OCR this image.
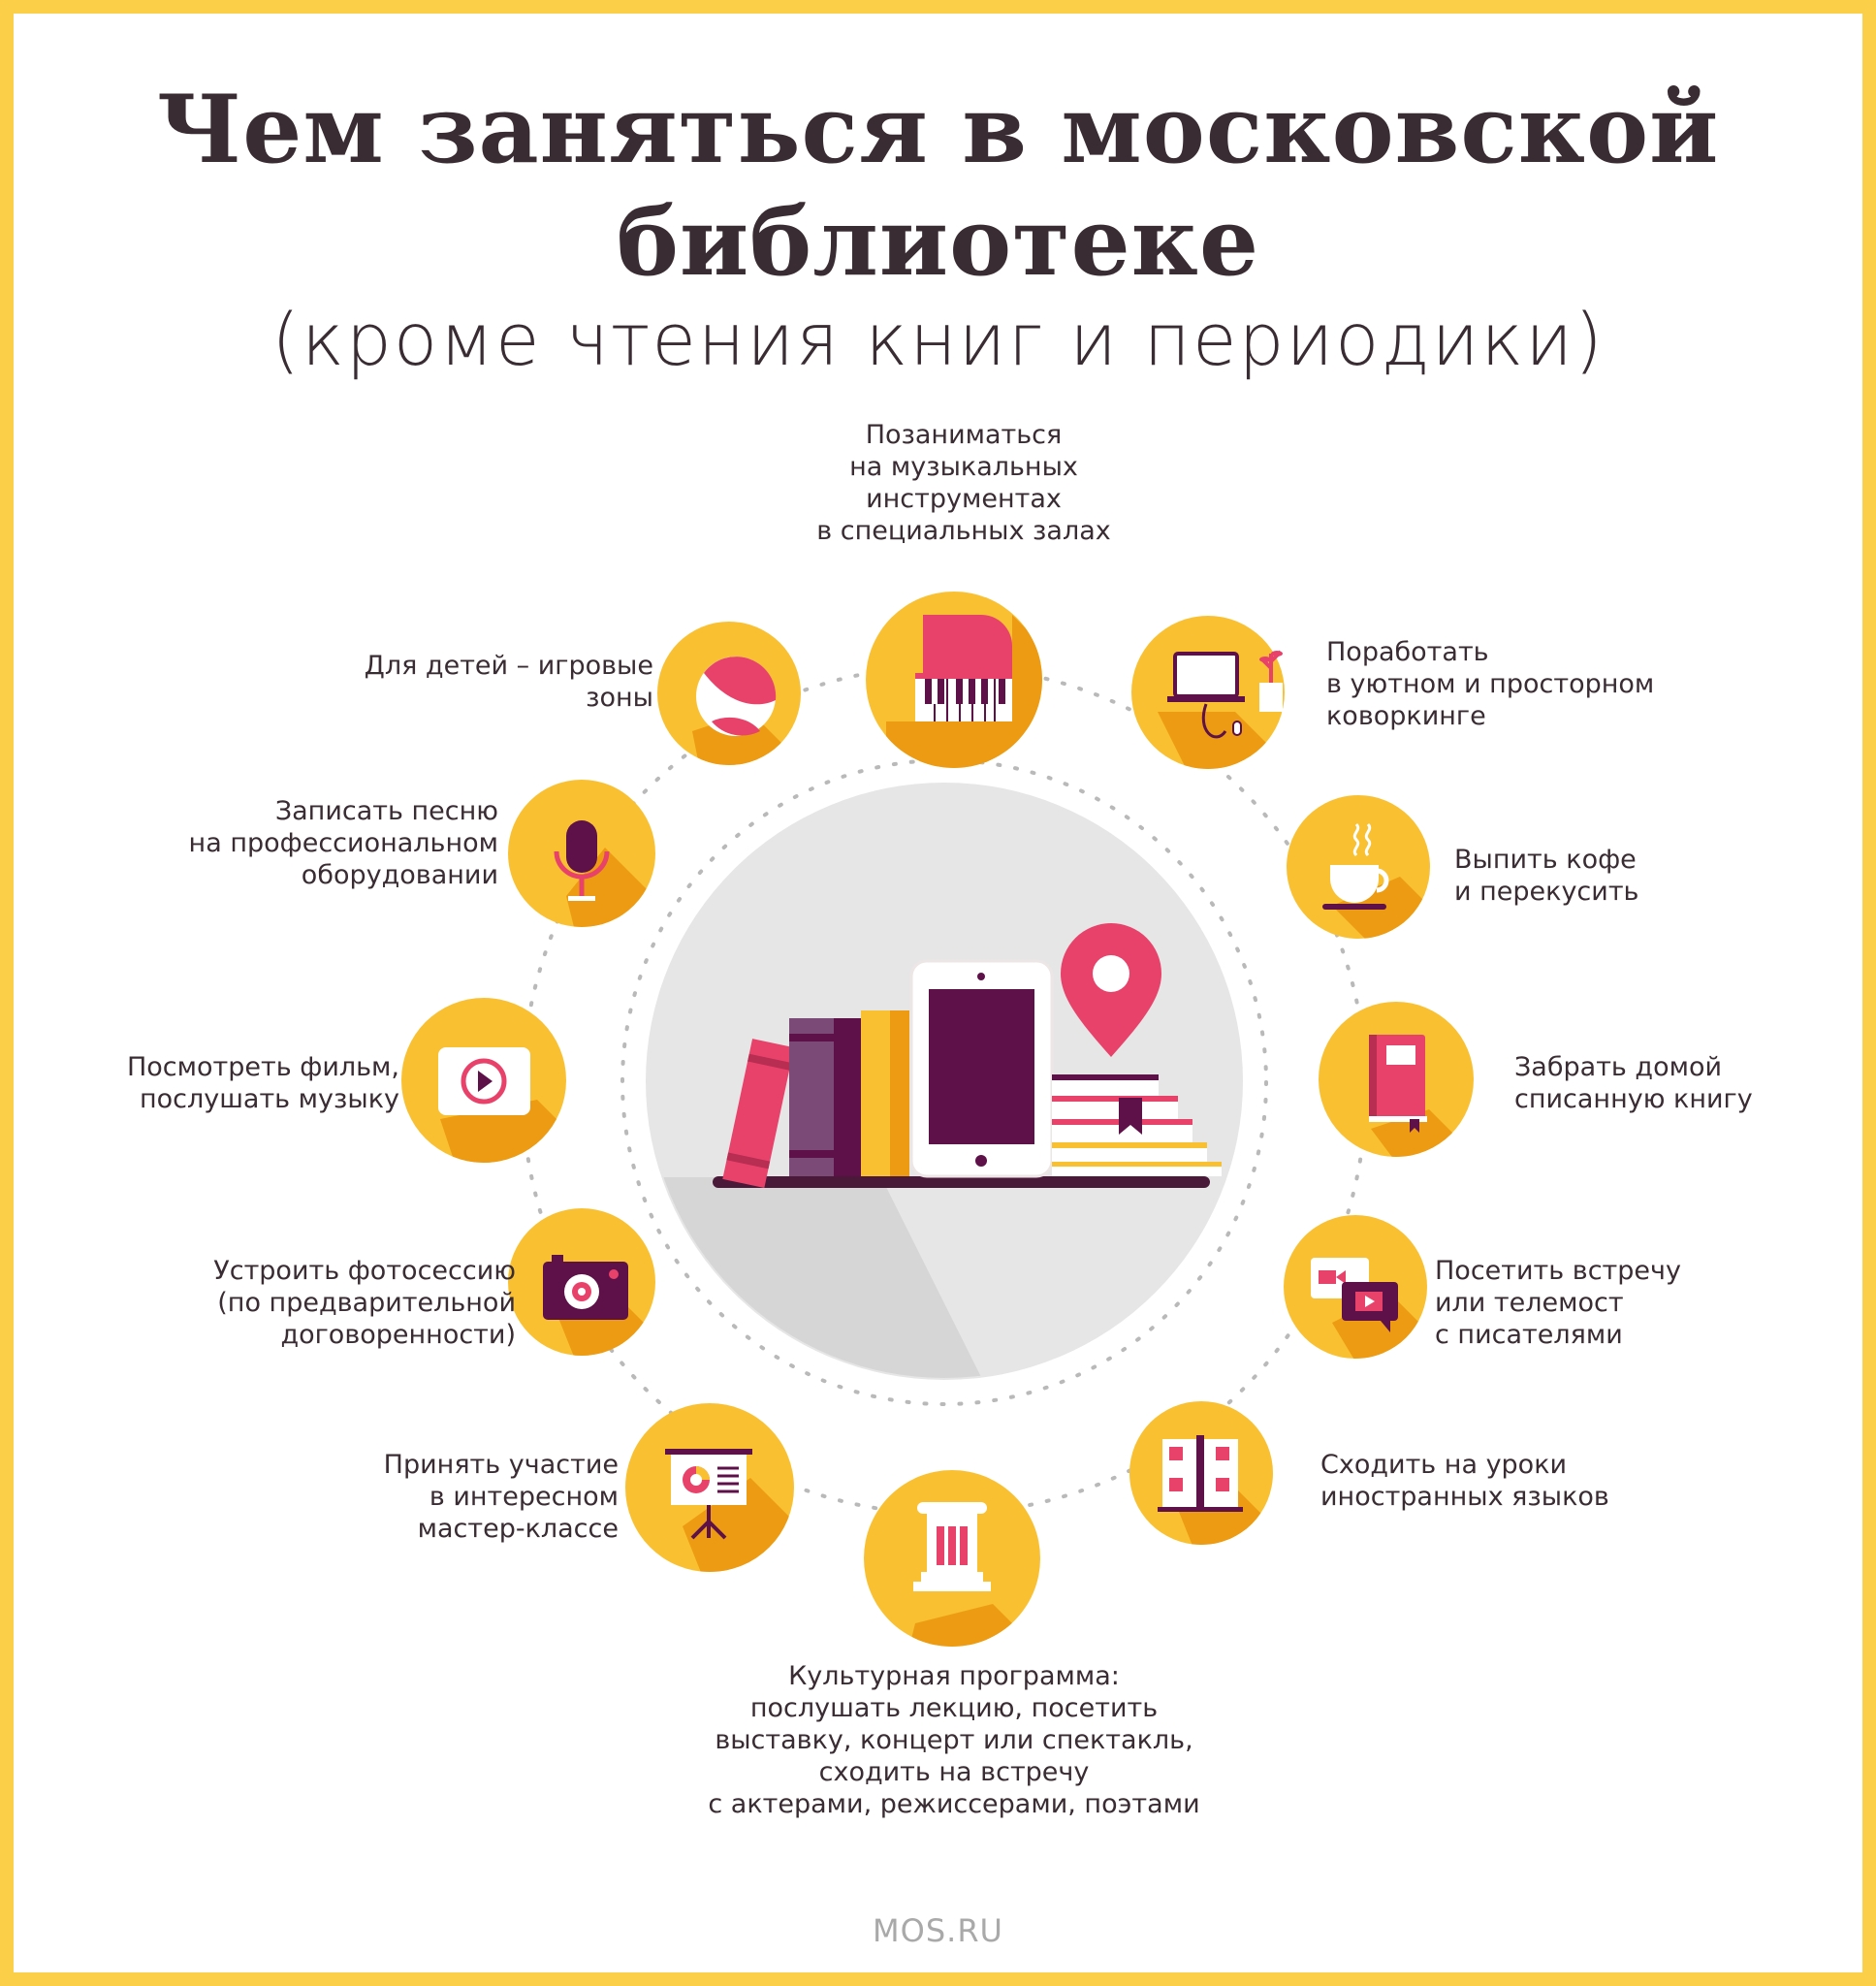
Чем заняться в московской
библиотеке
(кроме чтения книг и периодики)
Позаниматься
на музыкальных
инструментах
в специальных залах
Поработать
в уютном и просторном
коворкинге
Выпить кофе
и перекусить
Забрать домой
списанную книгу
Посетить встречу
или телемост
с писателями
Сходить на уроки
иностранных языков
Культурная программа:
послушать лекцию, посетить
выставку, концерт или спектакль,
сходить на встречу
с актерами, режиссерами, поэтами
Принять участие
в интересном
мастер-классе
Устроить фотосессию
(по предварительной
договоренности)
Посмотреть фильм,
послушать музыку
Записать песню
на профессиональном
оборудовании
Для детей – игровые
зоны
MOS.RU
